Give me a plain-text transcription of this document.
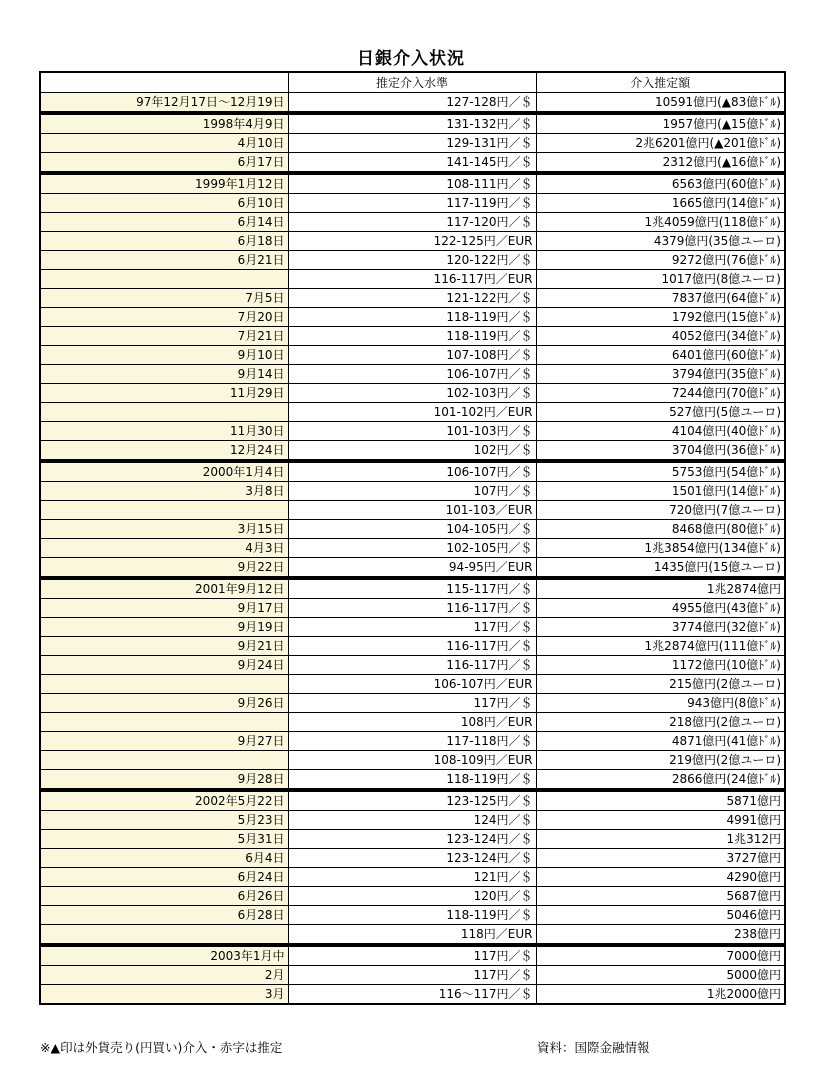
日銀介入状況
	推定介入水準	介入推定額
97年12月17日～12月19日	127-128円／＄	10591億円(▲83億ﾄﾞﾙ)
1998年4月9日	131-132円／＄	1957億円(▲15億ﾄﾞﾙ)
4月10日	129-131円／＄	2兆6201億円(▲201億ﾄﾞﾙ)
6月17日	141-145円／＄	2312億円(▲16億ﾄﾞﾙ)
1999年1月12日	108-111円／＄	6563億円(60億ﾄﾞﾙ)
6月10日	117-119円／＄	1665億円(14億ﾄﾞﾙ)
6月14日	117-120円／＄	1兆4059億円(118億ﾄﾞﾙ)
6月18日	122-125円／EUR	4379億円(35億ユーロ)
6月21日	120-122円／＄	9272億円(76億ﾄﾞﾙ)
	116-117円／EUR	1017億円(8億ユーロ)
7月5日	121-122円／＄	7837億円(64億ﾄﾞﾙ)
7月20日	118-119円／＄	1792億円(15億ﾄﾞﾙ)
7月21日	118-119円／＄	4052億円(34億ﾄﾞﾙ)
9月10日	107-108円／＄	6401億円(60億ﾄﾞﾙ)
9月14日	106-107円／＄	3794億円(35億ﾄﾞﾙ)
11月29日	102-103円／＄	7244億円(70億ﾄﾞﾙ)
	101-102円／EUR	527億円(5億ユーロ)
11月30日	101-103円／＄	4104億円(40億ﾄﾞﾙ)
12月24日	102円／＄	3704億円(36億ﾄﾞﾙ)
2000年1月4日	106-107円／＄	5753億円(54億ﾄﾞﾙ)
3月8日	107円／＄	1501億円(14億ﾄﾞﾙ)
	101-103／EUR	720億円(7億ユーロ)
3月15日	104-105円／＄	8468億円(80億ﾄﾞﾙ)
4月3日	102-105円／＄	1兆3854億円(134億ﾄﾞﾙ)
9月22日	94-95円／EUR	1435億円(15億ユーロ)
2001年9月12日	115-117円／＄	1兆2874億円
9月17日	116-117円／＄	4955億円(43億ﾄﾞﾙ)
9月19日	117円／＄	3774億円(32億ﾄﾞﾙ)
9月21日	116-117円／＄	1兆2874億円(111億ﾄﾞﾙ)
9月24日	116-117円／＄	1172億円(10億ﾄﾞﾙ)
	106-107円／EUR	215億円(2億ユーロ)
9月26日	117円／＄	943億円(8億ﾄﾞﾙ)
	108円／EUR	218億円(2億ユーロ)
9月27日	117-118円／＄	4871億円(41億ﾄﾞﾙ)
	108-109円／EUR	219億円(2億ユーロ)
9月28日	118-119円／＄	2866億円(24億ﾄﾞﾙ)
2002年5月22日	123-125円／＄	5871億円
5月23日	124円／＄	4991億円
5月31日	123-124円／＄	1兆312円
6月4日	123-124円／＄	3727億円
6月24日	121円／＄	4290億円
6月26日	120円／＄	5687億円
6月28日	118-119円／＄	5046億円
	118円／EUR	238億円
2003年1月中	117円／＄	7000億円
2月	117円／＄	5000億円
3月	116～117円／＄	1兆2000億円
※▲印は外貨売り(円買い)介入・赤字は推定	資料：国際金融情報
